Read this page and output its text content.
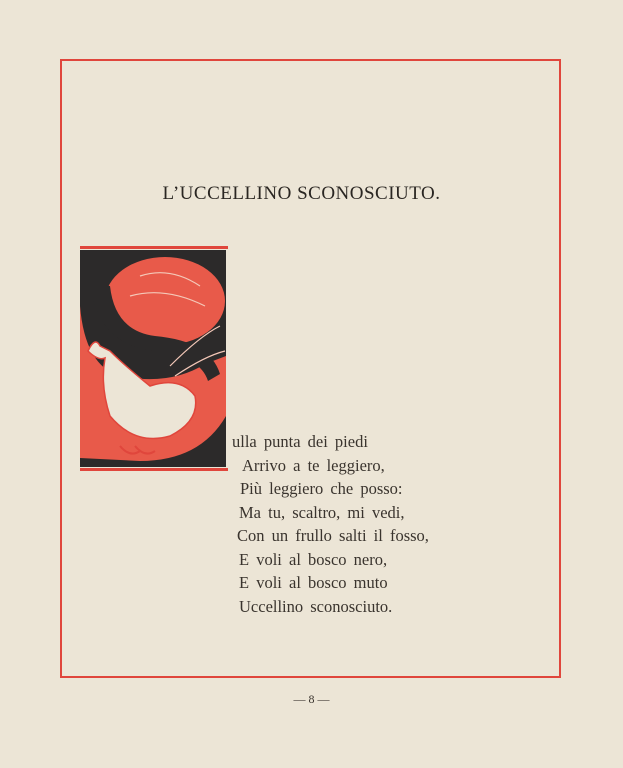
L’UCCELLINO SCONOSCIUTO.
ulla punta dei piedi
Arrivo a te leggiero,
Più leggiero che posso:
Ma tu, scaltro, mi vedi,
Con un frullo salti il fosso,
E voli al bosco nero,
E voli al bosco muto
Uccellino sconosciuto.
— 8 —
